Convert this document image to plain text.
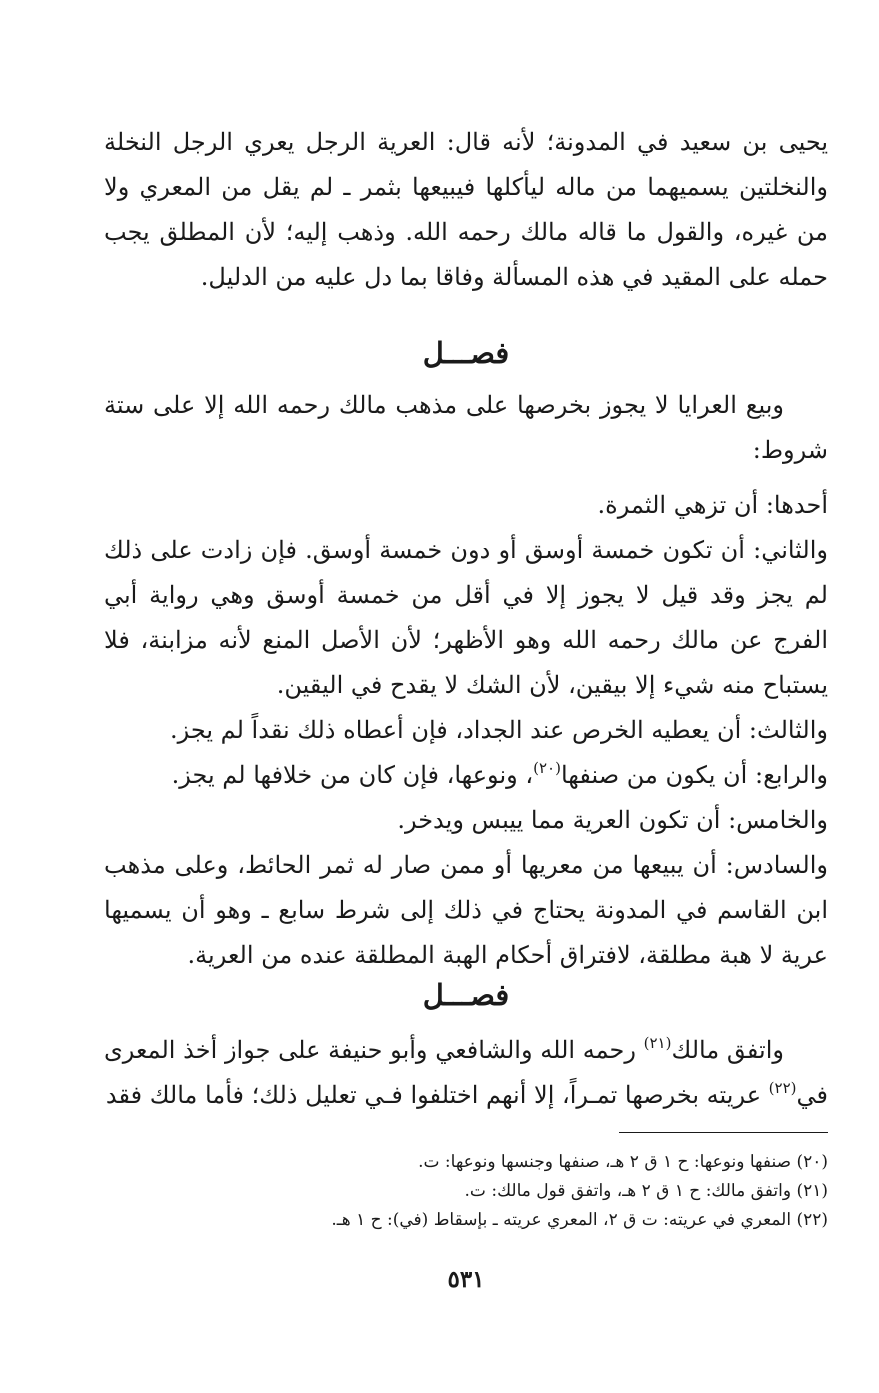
يحيى بن سعيد في المدونة؛ لأنه قال: العرية الرجل يعري الرجل النخلة والنخلتين يسميهما من ماله ليأكلها فيبيعها بثمر ـ لم يقل من المعري ولا من غيره، والقول ما قاله مالك رحمه الله. وذهب إليه؛ لأن المطلق يجب حمله على المقيد في هذه المسألة وفاقا بما دل عليه من الدليل.

فصـــل

وبيع العرايا لا يجوز بخرصها على مذهب مالك رحمه الله إلا على ستة شروط:

أحدها: أن تزهي الثمرة.

والثاني: أن تكون خمسة أوسق أو دون خمسة أوسق. فإن زادت على ذلك لم يجز وقد قيل لا يجوز إلا في أقل من خمسة أوسق وهي رواية أبي الفرج عن مالك رحمه الله وهو الأظهر؛ لأن الأصل المنع لأنه مزابنة، فلا يستباح منه شيء إلا بيقين، لأن الشك لا يقدح في اليقين.

والثالث: أن يعطيه الخرص عند الجداد، فإن أعطاه ذلك نقداً لم يجز.

والرابع: أن يكون من صنفها$^{(٢٠)}$، ونوعها، فإن كان من خلافها لم يجز.

والخامس: أن تكون العرية مما ييبس ويدخر.

والسادس: أن يبيعها من معريها أو ممن صار له ثمر الحائط، وعلى مذهب ابن القاسم في المدونة يحتاج في ذلك إلى شرط سابع ـ وهو أن يسميها عرية لا هبة مطلقة، لافتراق أحكام الهبة المطلقة عنده من العرية.

فصـــل

واتفق مالك$^{(٢١)}$ رحمه الله والشافعي وأبو حنيفة على جواز أخذ المعرى في$^{(٢٢)}$ عريته بخرصها تمـراً، إلا أنهم اختلفوا فـي تعليل ذلك؛ فأما مالك فقد

(٢٠) صنفها ونوعها: ح ١ ق ٢ هـ، صنفها وجنسها ونوعها: ت.

(٢١) واتفق مالك: ح ١ ق ٢ هـ، واتفق قول مالك: ت.

(٢٢) المعري في عريته: ت ق ٢، المعري عريته ـ بإسقاط (في): ح ١ هـ.

٥٣١
